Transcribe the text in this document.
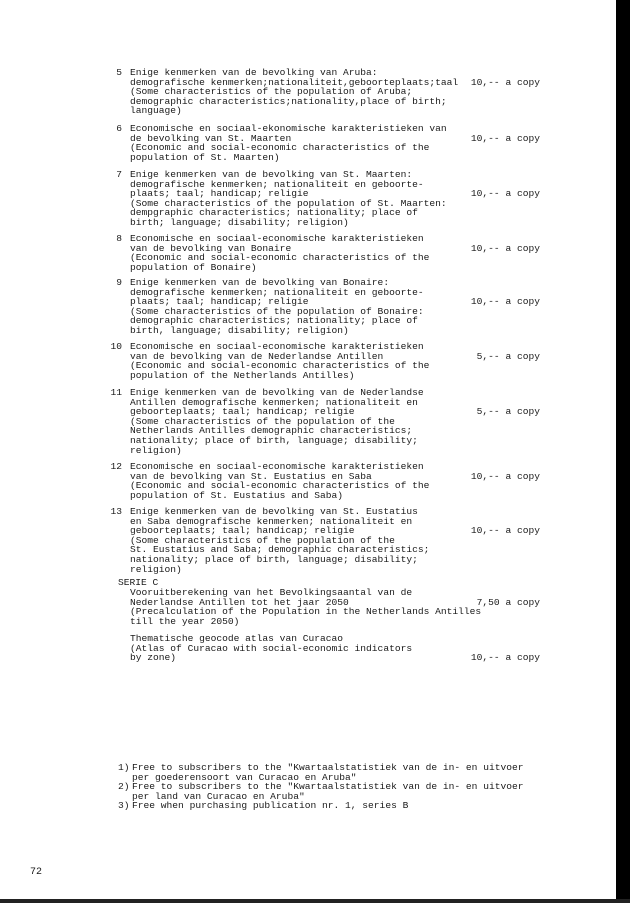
5 Enige kenmerken van de bevolking van Aruba:
demografische kenmerken;nationaliteit,geboorteplaats;taal
(Some characteristics of the population of Aruba;
demographic characteristics;nationality,place of birth;
language)
10,-- a copy
6 Economische en sociaal-ekonomische karakteristieken van
de bevolking van St. Maarten
(Economic and social-economic characteristics of the
population of St. Maarten)
10,-- a copy
7 Enige kenmerken van de bevolking van St. Maarten:
demografische kenmerken; nationaliteit en geboorte-
plaats; taal; handicap; religie
(Some characteristics of the population of St. Maarten:
dempgraphic characteristics; nationality; place of
birth; language; disability; religion)
10,-- a copy
8 Economische en sociaal-economische karakteristieken
van de bevolking van Bonaire
(Economic and social-economic characteristics of the
population of Bonaire)
10,-- a copy
9 Enige kenmerken van de bevolking van Bonaire:
demografische kenmerken; nationaliteit en geboorte-
plaats; taal; handicap; religie
(Some characteristics of the population of Bonaire:
demographic characteristics; nationality; place of
birth, language; disability; religion)
10,-- a copy
10 Economische en sociaal-economische karakteristieken
van de bevolking van de Nederlandse Antillen
(Economic and social-economic characteristics of the
population of the Netherlands Antilles)
5,-- a copy
11 Enige kenmerken van de bevolking van de Nederlandse
Antillen demografische kenmerken; nationaliteit en
geboorteplaats; taal; handicap; religie
(Some characteristics of the population of the
Netherlands Antilles demographic characteristics;
nationality; place of birth, language; disability;
religion)
5,-- a copy
12 Economische en sociaal-economische karakteristieken
van de bevolking van St. Eustatius en Saba
(Economic and social-economic characteristics of the
population of St. Eustatius and Saba)
10,-- a copy
13 Enige kenmerken van de bevolking van St. Eustatius
en Saba demografische kenmerken; nationaliteit en
geboorteplaats; taal; handicap; religie
(Some characteristics of the population of the
St. Eustatius and Saba; demographic characteristics;
nationality; place of birth, language; disability;
religion)
10,-- a copy
SERIE C
Vooruitberekening van het Bevolkingsaantal van de
Nederlandse Antillen tot het jaar 2050
(Precalculation of the Population in the Netherlands Antilles
till the year 2050)
7,50 a copy
Thematische geocode atlas van Curacao
(Atlas of Curacao with social-economic indicators
by zone)	10,-- a copy
1) Free to subscribers to the "Kwartaalstatistiek van de in- en uitvoer
per goederensoort van Curacao en Aruba"
2) Free to subscribers to the "Kwartaalstatistiek van de in- en uitvoer
per land van Curacao en Aruba"
3) Free when purchasing publication nr. 1, series B
72
